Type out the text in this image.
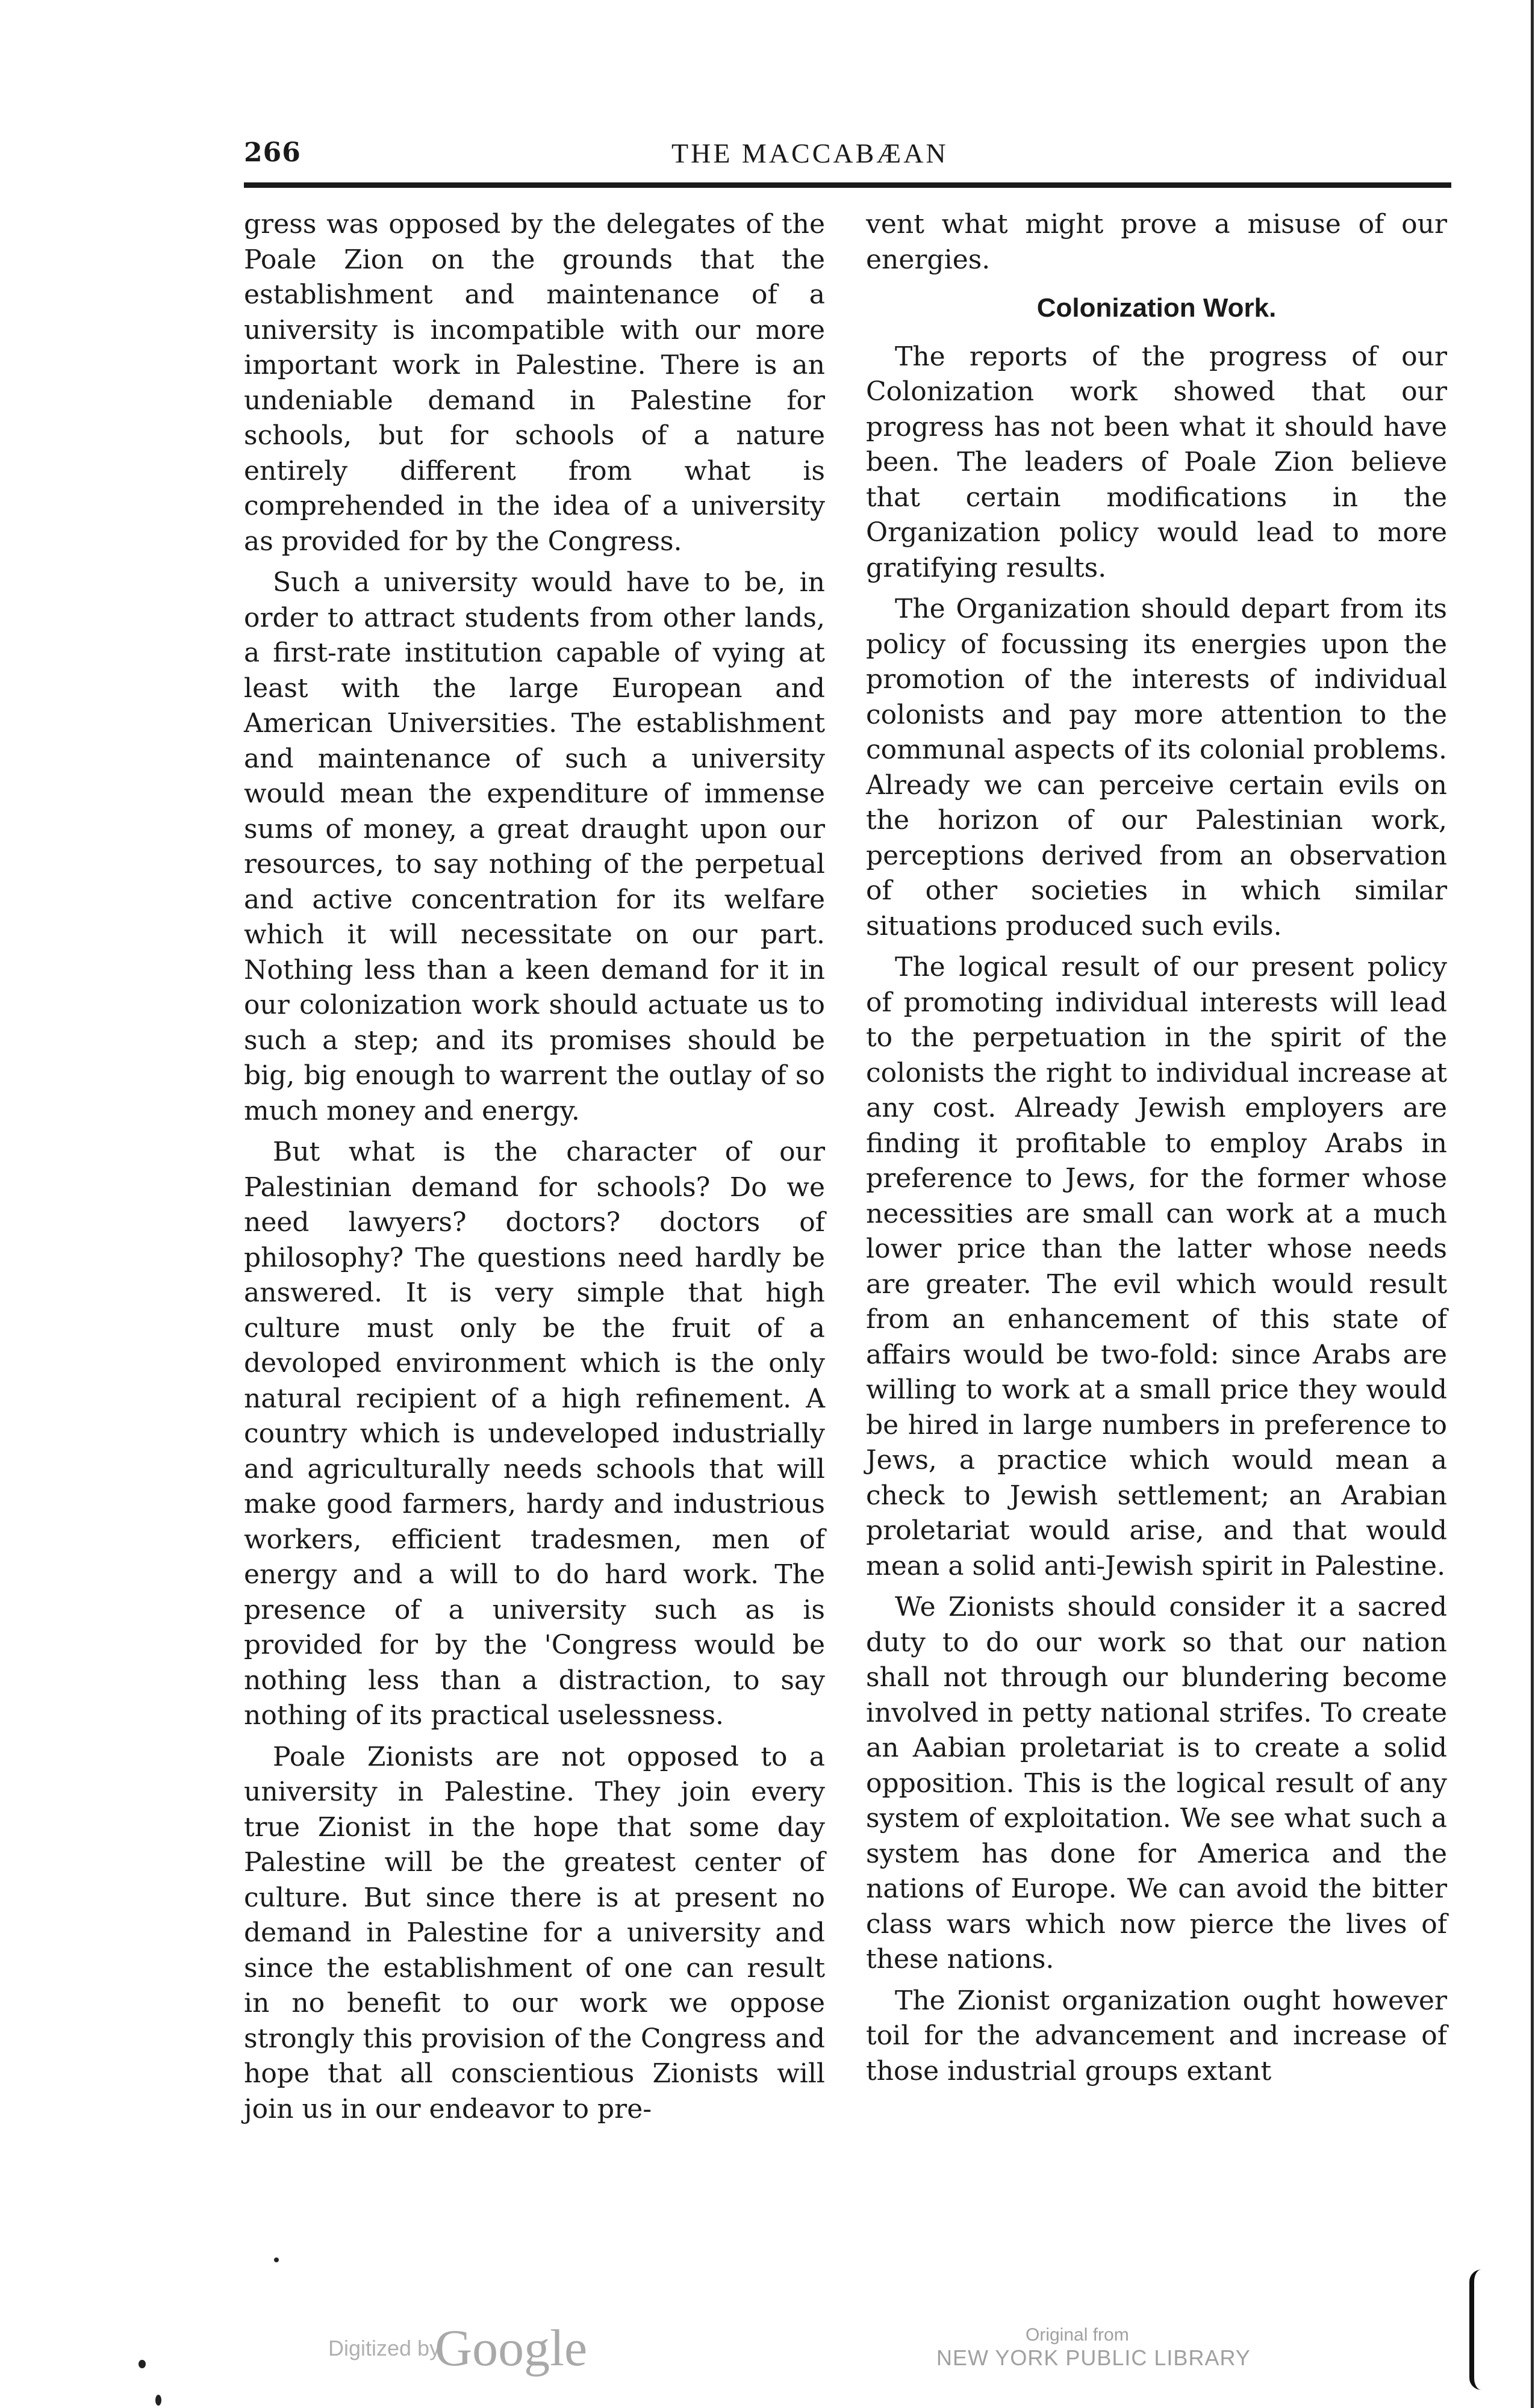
266	THE MACCABÆAN

gress was opposed by the delegates of the Poale Zion on the grounds that the establishment and maintenance of a university is incompatible with our more important work in Palestine. There is an undeniable demand in Palestine for schools, but for schools of a nature entirely different from what is comprehended in the idea of a university as provided for by the Congress.

Such a university would have to be, in order to attract students from other lands, a first-rate institution capable of vying at least with the large European and American Universities. The establishment and maintenance of such a university would mean the expenditure of immense sums of money, a great draught upon our resources, to say nothing of the perpetual and active concentration for its welfare which it will necessitate on our part. Nothing less than a keen demand for it in our colonization work should actuate us to such a step; and its promises should be big, big enough to warrent the outlay of so much money and energy.

But what is the character of our Palestinian demand for schools? Do we need lawyers? doctors? doctors of philosophy? The questions need hardly be answered. It is very simple that high culture must only be the fruit of a devoloped environment which is the only natural recipient of a high refinement. A country which is undeveloped industrially and agriculturally needs schools that will make good farmers, hardy and industrious workers, efficient tradesmen, men of energy and a will to do hard work. The presence of a university such as is provided for by the 'Congress would be nothing less than a distraction, to say nothing of its practical uselessness.

Poale Zionists are not opposed to a university in Palestine. They join every true Zionist in the hope that some day Palestine will be the greatest center of culture. But since there is at present no demand in Palestine for a university and since the establishment of one can result in no benefit to our work we oppose strongly this provision of the Congress and hope that all conscientious Zionists will join us in our endeavor to pre-

vent what might prove a misuse of our energies.

Colonization Work.

The reports of the progress of our Colonization work showed that our progress has not been what it should have been. The leaders of Poale Zion believe that certain modifications in the Organization policy would lead to more gratifying results.

The Organization should depart from its policy of focussing its energies upon the promotion of the interests of individual colonists and pay more attention to the communal aspects of its colonial problems. Already we can perceive certain evils on the horizon of our Palestinian work, perceptions derived from an observation of other societies in which similar situations produced such evils.

The logical result of our present policy of promoting individual interests will lead to the perpetuation in the spirit of the colonists the right to individual increase at any cost. Already Jewish employers are finding it profitable to employ Arabs in preference to Jews, for the former whose necessities are small can work at a much lower price than the latter whose needs are greater. The evil which would result from an enhancement of this state of affairs would be two-fold: since Arabs are willing to work at a small price they would be hired in large numbers in preference to Jews, a practice which would mean a check to Jewish settlement; an Arabian proletariat would arise, and that would mean a solid anti-Jewish spirit in Palestine.

We Zionists should consider it a sacred duty to do our work so that our nation shall not through our blundering become involved in petty national strifes. To create an Aabian proletariat is to create a solid opposition. This is the logical result of any system of exploitation. We see what such a system has done for America and the nations of Europe. We can avoid the bitter class wars which now pierce the lives of these nations.

The Zionist organization ought however toil for the advancement and increase of those industrial groups extant

Digitized by
Google	Original from
NEW YORK PUBLIC LIBRARY
